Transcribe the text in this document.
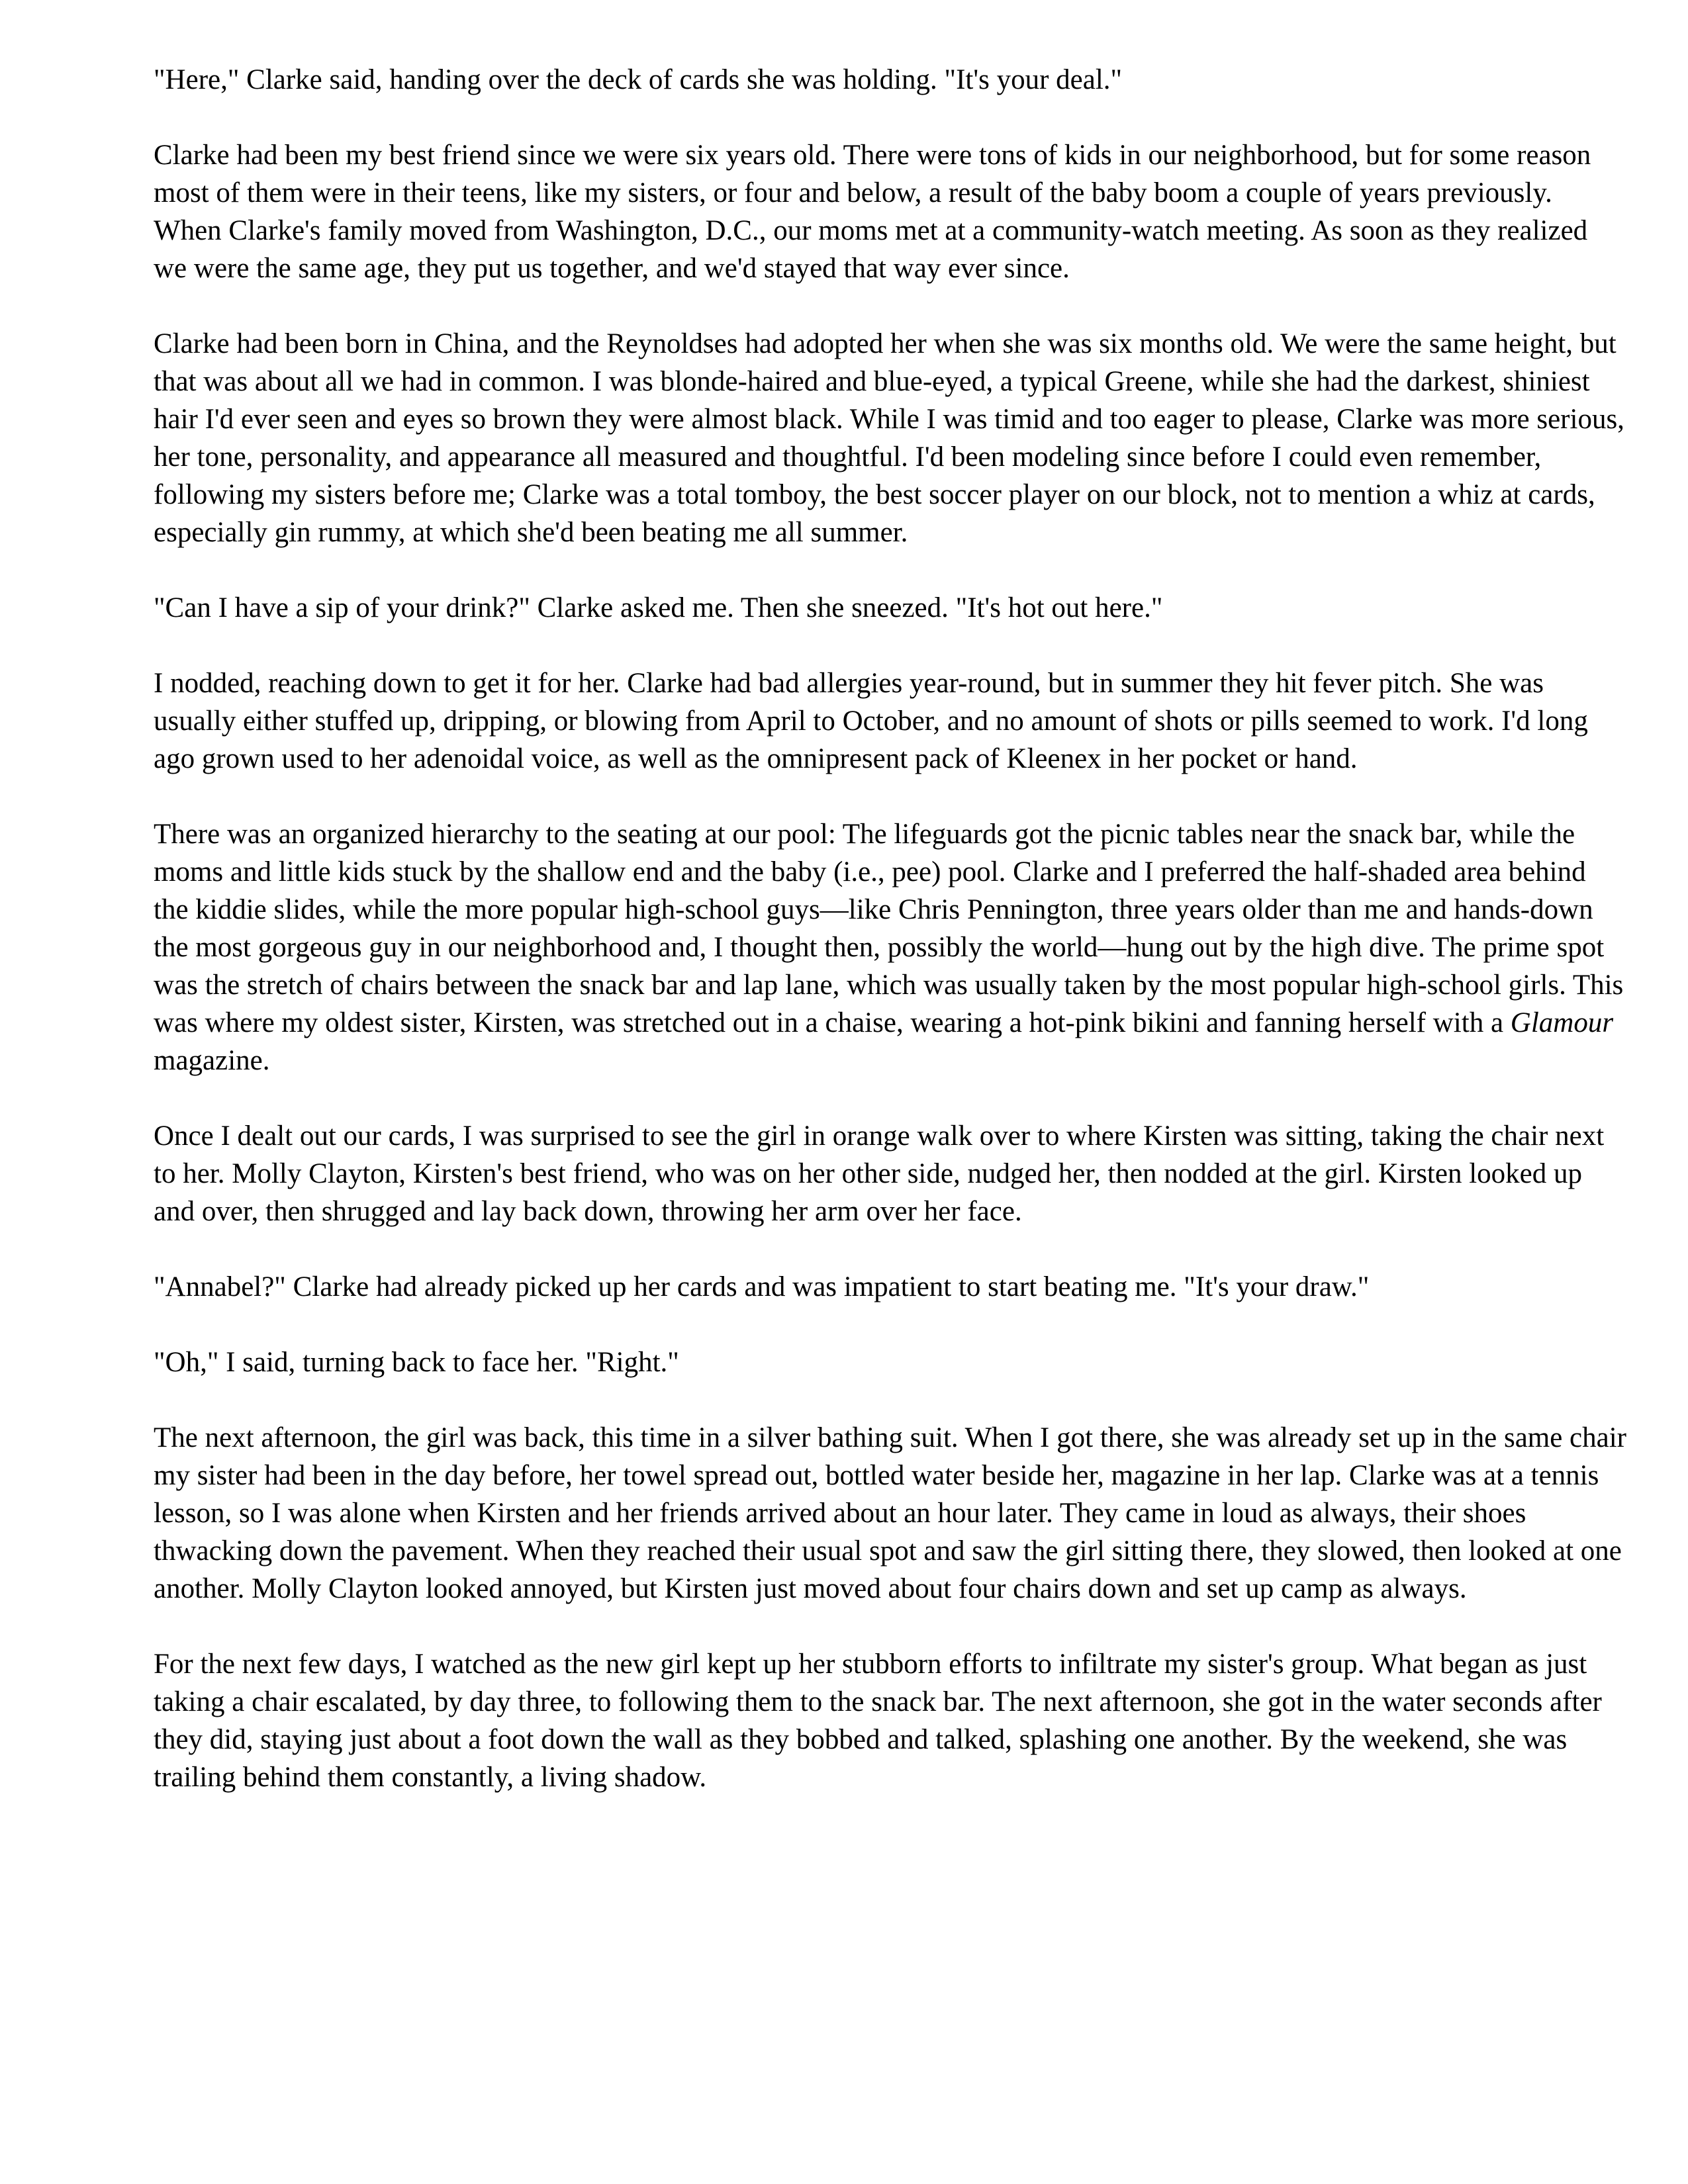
"Here," Clarke said, handing over the deck of cards she was holding. "It's your deal."

Clarke had been my best friend since we were six years old. There were tons of kids in our neighborhood, but for some reason most of them were in their teens, like my sisters, or four and below, a result of the baby boom a couple of years previously. When Clarke's family moved from Washington, D.C., our moms met at a community-watch meeting. As soon as they realized we were the same age, they put us together, and we'd stayed that way ever since.

Clarke had been born in China, and the Reynoldses had adopted her when she was six months old. We were the same height, but that was about all we had in common. I was blonde-haired and blue-eyed, a typical Greene, while she had the darkest, shiniest hair I'd ever seen and eyes so brown they were almost black. While I was timid and too eager to please, Clarke was more serious, her tone, personality, and appearance all measured and thoughtful. I'd been modeling since before I could even remember, following my sisters before me; Clarke was a total tomboy, the best soccer player on our block, not to mention a whiz at cards, especially gin rummy, at which she'd been beating me all summer.

"Can I have a sip of your drink?" Clarke asked me. Then she sneezed. "It's hot out here."

I nodded, reaching down to get it for her. Clarke had bad allergies year-round, but in summer they hit fever pitch. She was usually either stuffed up, dripping, or blowing from April to October, and no amount of shots or pills seemed to work. I'd long ago grown used to her adenoidal voice, as well as the omnipresent pack of Kleenex in her pocket or hand.

There was an organized hierarchy to the seating at our pool: The lifeguards got the picnic tables near the snack bar, while the moms and little kids stuck by the shallow end and the baby (i.e., pee) pool. Clarke and I preferred the half-shaded area behind the kiddie slides, while the more popular high-school guys—like Chris Pennington, three years older than me and hands-down the most gorgeous guy in our neighborhood and, I thought then, possibly the world—hung out by the high dive. The prime spot was the stretch of chairs between the snack bar and lap lane, which was usually taken by the most popular high-school girls. This was where my oldest sister, Kirsten, was stretched out in a chaise, wearing a hot-pink bikini and fanning herself with a Glamour magazine.

Once I dealt out our cards, I was surprised to see the girl in orange walk over to where Kirsten was sitting, taking the chair next to her. Molly Clayton, Kirsten's best friend, who was on her other side, nudged her, then nodded at the girl. Kirsten looked up and over, then shrugged and lay back down, throwing her arm over her face.

"Annabel?" Clarke had already picked up her cards and was impatient to start beating me. "It's your draw."

"Oh," I said, turning back to face her. "Right."

The next afternoon, the girl was back, this time in a silver bathing suit. When I got there, she was already set up in the same chair my sister had been in the day before, her towel spread out, bottled water beside her, magazine in her lap. Clarke was at a tennis lesson, so I was alone when Kirsten and her friends arrived about an hour later. They came in loud as always, their shoes thwacking down the pavement. When they reached their usual spot and saw the girl sitting there, they slowed, then looked at one another. Molly Clayton looked annoyed, but Kirsten just moved about four chairs down and set up camp as always.

For the next few days, I watched as the new girl kept up her stubborn efforts to infiltrate my sister's group. What began as just taking a chair escalated, by day three, to following them to the snack bar. The next afternoon, she got in the water seconds after they did, staying just about a foot down the wall as they bobbed and talked, splashing one another. By the weekend, she was trailing behind them constantly, a living shadow.
